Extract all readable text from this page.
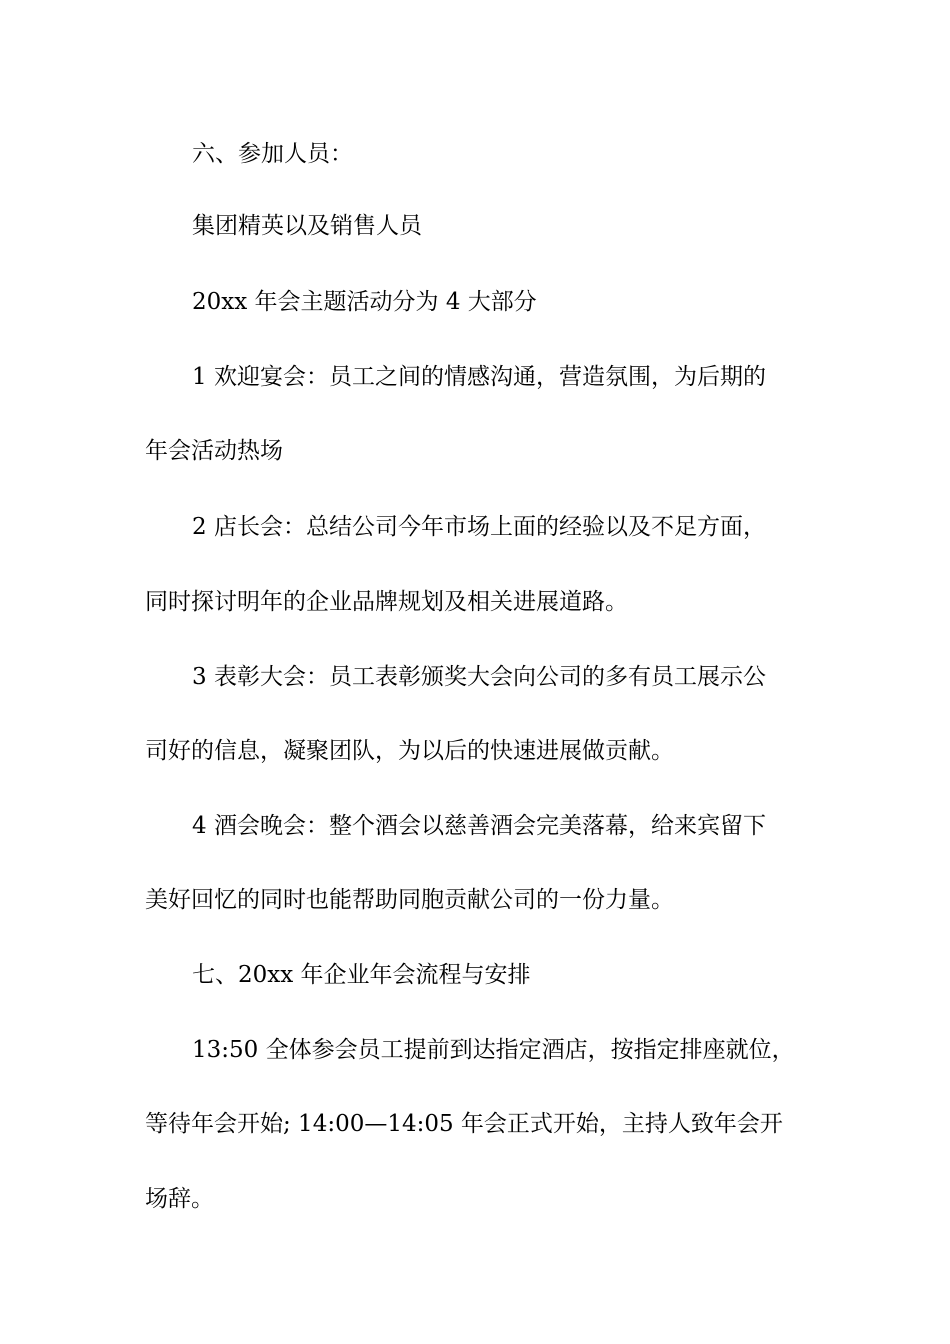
六、参加人员：
集团精英以及销售人员
20xx 年会主题活动分为 4 大部分
1 欢迎宴会：员工之间的情感沟通，营造氛围，为后期的
年会活动热场
2 店长会：总结公司今年市场上面的经验以及不足方面，
同时探讨明年的企业品牌规划及相关进展道路。
3 表彰大会：员工表彰颁奖大会向公司的多有员工展示公
司好的信息，凝聚团队，为以后的快速进展做贡献。
4 酒会晚会：整个酒会以慈善酒会完美落幕，给来宾留下
美好回忆的同时也能帮助同胞贡献公司的一份力量。
七、20xx 年企业年会流程与安排
13:50 全体参会员工提前到达指定酒店，按指定排座就位，
等待年会开始; 14:00—14:05 年会正式开始，主持人致年会开
场辞。
